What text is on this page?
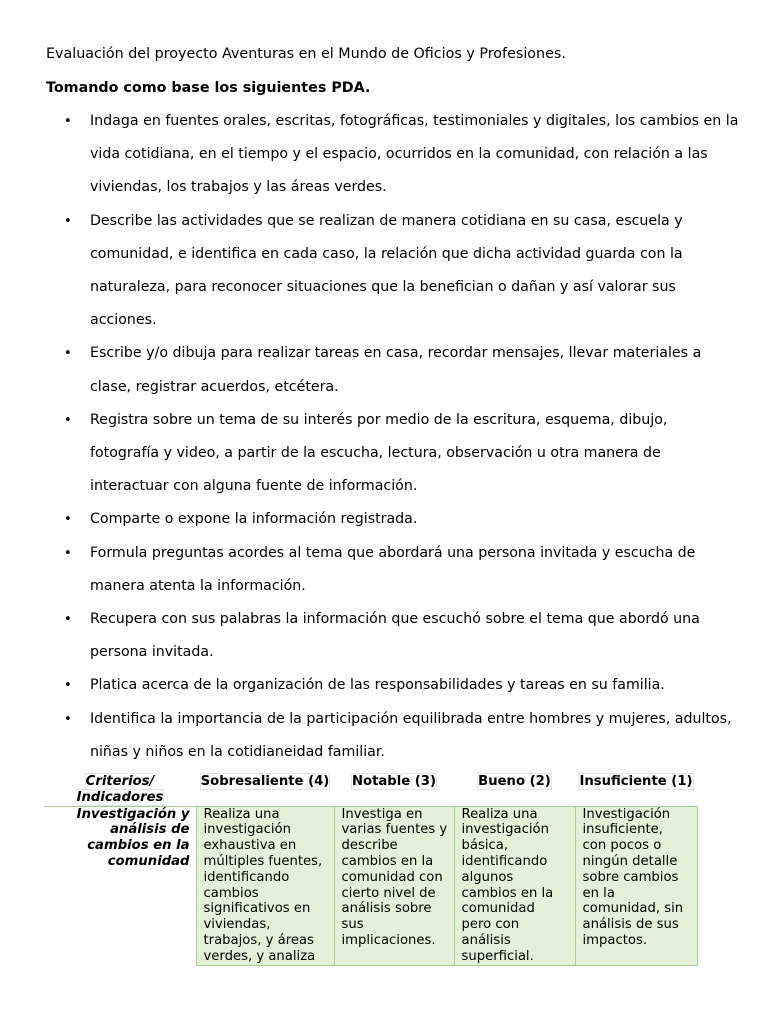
Evaluación del proyecto Aventuras en el Mundo de Oficios y Profesiones.

Tomando como base los siguientes PDA.

• Indaga en fuentes orales, escritas, fotográficas, testimoniales y digitales, los cambios en la vida cotidiana, en el tiempo y el espacio, ocurridos en la comunidad, con relación a las viviendas, los trabajos y las áreas verdes.
• Describe las actividades que se realizan de manera cotidiana en su casa, escuela y comunidad, e identifica en cada caso, la relación que dicha actividad guarda con la naturaleza, para reconocer situaciones que la benefician o dañan y así valorar sus acciones.
• Escribe y/o dibuja para realizar tareas en casa, recordar mensajes, llevar materiales a clase, registrar acuerdos, etcétera.
• Registra sobre un tema de su interés por medio de la escritura, esquema, dibujo, fotografía y video, a partir de la escucha, lectura, observación u otra manera de interactuar con alguna fuente de información.
• Comparte o expone la información registrada.
• Formula preguntas acordes al tema que abordará una persona invitada y escucha de manera atenta la información.
• Recupera con sus palabras la información que escuchó sobre el tema que abordó una persona invitada.
• Platica acerca de la organización de las responsabilidades y tareas en su familia.
• Identifica la importancia de la participación equilibrada entre hombres y mujeres, adultos, niñas y niños en la cotidianeidad familiar.
Criterios/ Indicadores	Sobresaliente (4)	Notable (3)	Bueno (2)	Insuficiente (1)
Investigación y análisis de cambios en la comunidad	Realiza una investigación exhaustiva en múltiples fuentes, identificando cambios significativos en viviendas, trabajos, y áreas verdes, y analiza	Investiga en varias fuentes y describe cambios en la comunidad con cierto nivel de análisis sobre sus implicaciones.	Realiza una investigación básica, identificando algunos cambios en la comunidad pero con análisis superficial.	Investigación insuficiente, con pocos o ningún detalle sobre cambios en la comunidad, sin análisis de sus impactos.
